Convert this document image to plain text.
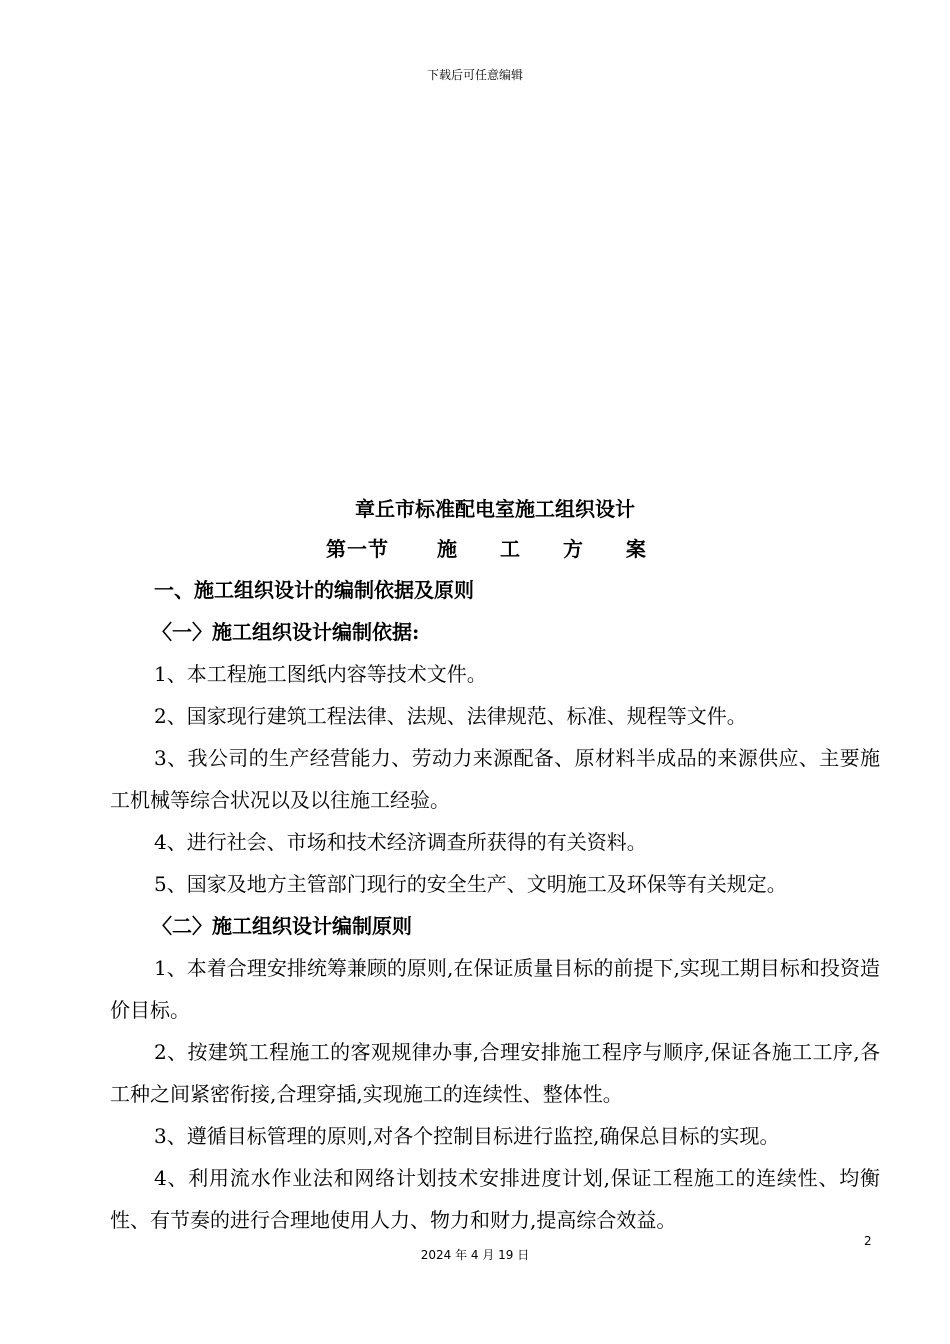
下载后可任意编辑

章丘市标准配电室施工组织设计

第一节 施 工 方 案

一、施工组织设计的编制依据及原则

〈一〉施工组织设计编制依据:

1、本工程施工图纸内容等技术文件。

2、国家现行建筑工程法律、法规、法律规范、标准、规程等文件。

3、我公司的生产经营能力、劳动力来源配备、原材料半成品的来源供应、主要施工机械等综合状况以及以往施工经验。

4、进行社会、市场和技术经济调查所获得的有关资料。

5、国家及地方主管部门现行的安全生产、文明施工及环保等有关规定。

〈二〉施工组织设计编制原则

1、本着合理安排统筹兼顾的原则,在保证质量目标的前提下,实现工期目标和投资造价目标。

2、按建筑工程施工的客观规律办事,合理安排施工程序与顺序,保证各施工工序,各工种之间紧密衔接,合理穿插,实现施工的连续性、整体性。

3、遵循目标管理的原则,对各个控制目标进行监控,确保总目标的实现。

4、利用流水作业法和网络计划技术安排进度计划,保证工程施工的连续性、均衡性、有节奏的进行合理地使用人力、物力和财力,提高综合效益。

2
2024 年 4 月 19 日
